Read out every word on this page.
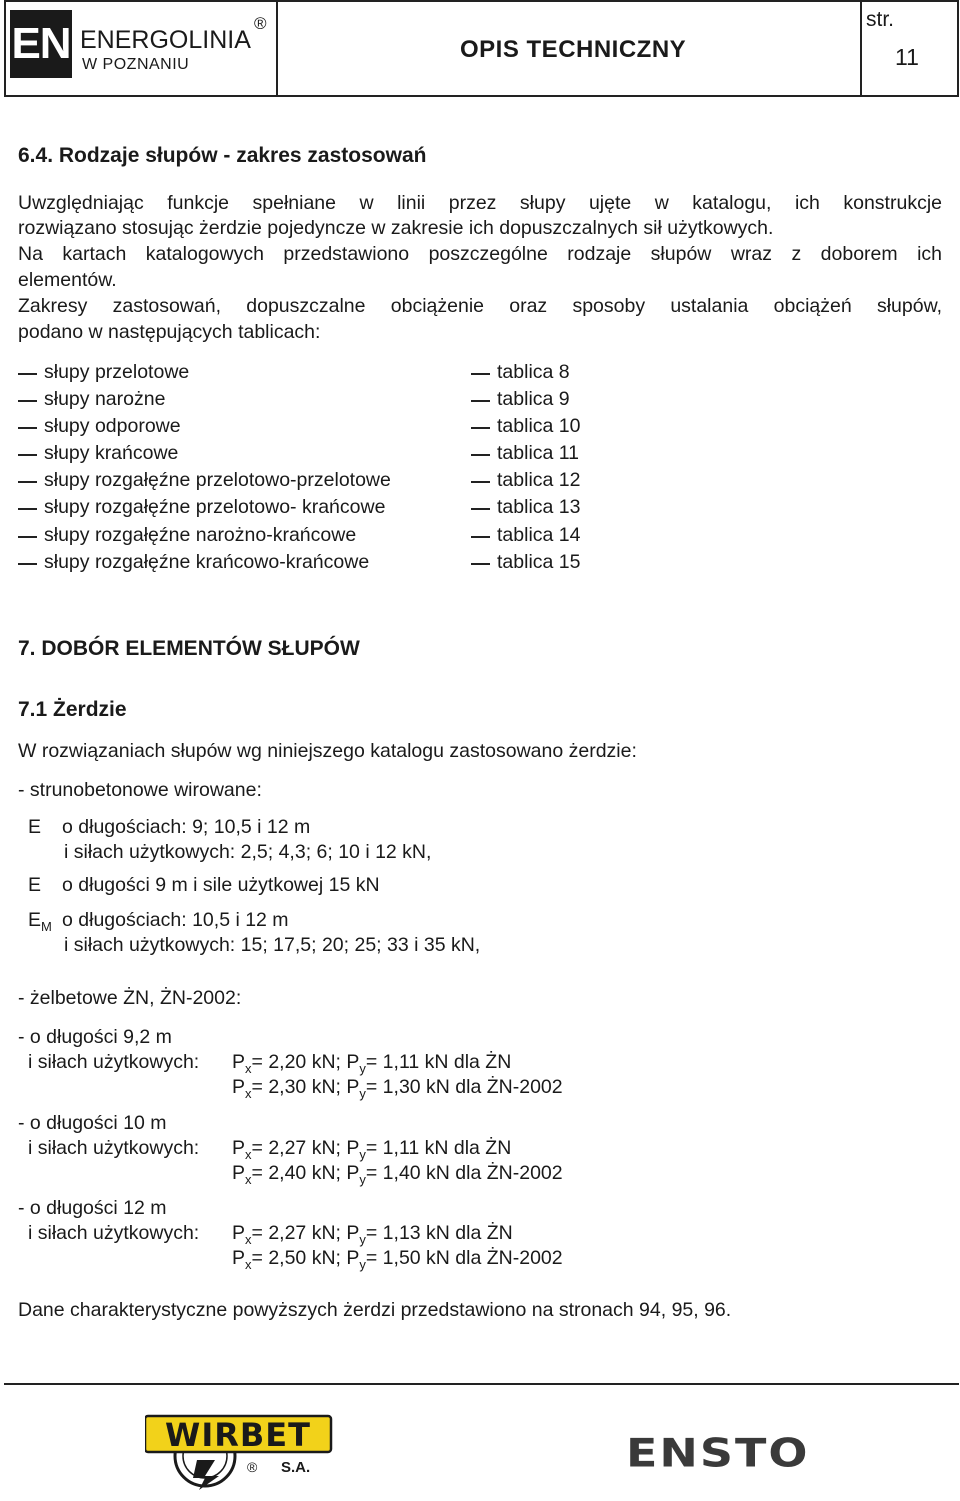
EN ENERGOLINIA
®
W POZNANIU
OPIS TECHNICZNY
str.
11
6.4. Rodzaje słupów - zakres zastosowań
Uwzględniając funkcje spełniane w linii przez słupy ujęte w katalogu, ich konstrukcje
rozwiązano stosując żerdzie pojedyncze w zakresie ich dopuszczalnych sił użytkowych.
Na kartach katalogowych przedstawiono poszczególne rodzaje słupów wraz z doborem ich
elementów.
Zakresy zastosowań, dopuszczalne obciążenie oraz sposoby ustalania obciążeń słupów,
podano w następujących tablicach:
słupy przelotowe	tablica 8
słupy narożne	tablica 9
słupy odporowe	tablica 10
słupy krańcowe	tablica 11
słupy rozgałęźne przelotowo-przelotowe	tablica 12
słupy rozgałęźne przelotowo- krańcowe	tablica 13
słupy rozgałęźne narożno-krańcowe	tablica 14
słupy rozgałęźne krańcowo-krańcowe	tablica 15
7. DOBÓR ELEMENTÓW SŁUPÓW
7.1 Żerdzie
W rozwiązaniach słupów wg niniejszego katalogu zastosowano żerdzie:
- strunobetonowe wirowane:
E o długościach: 9; 10,5 i 12 m
i siłach użytkowych: 2,5; 4,3; 6; 10 i 12 kN,
E o długości 9 m i sile użytkowej 15 kN
$E_M$ o długościach: 10,5 i 12 m
i siłach użytkowych: 15; 17,5; 20; 25; 33 i 35 kN,
- żelbetowe ŻN, ŻN-2002:
- o długości 9,2 m
i siłach użytkowych: $P_x= 2,20$ kN; $P_y= 1,11$ kN dla ŻN
$P_x= 2,30$ kN; $P_y= 1,30$ kN dla ŻN-2002
- o długości 10 m
i siłach użytkowych: $P_x= 2,27$ kN; $P_y= 1,11$ kN dla ŻN
$P_x= 2,40$ kN; $P_y= 1,40$ kN dla ŻN-2002
- o długości 12 m
i siłach użytkowych: $P_x= 2,27$ kN; $P_y= 1,13$ kN dla ŻN
$P_x= 2,50$ kN; $P_y= 1,50$ kN dla ŻN-2002
Dane charakterystyczne powyższych żerdzi przedstawiono na stronach 94, 95, 96.
WIRBET
S.A.
®	ENSTO
